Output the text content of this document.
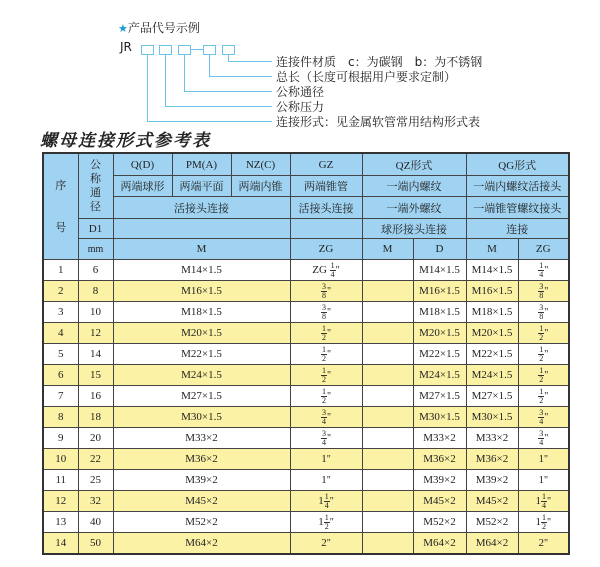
★产品代号示例
JR
连接件材质　c：为碳钢　b：为不锈钢
总长（长度可根据用户要求定制）
公称通径
公称压力
连接形式：见金属软管常用结构形式表
螺母连接形式参考表
序

号	公
称
通
径	Q(D)	PM(A)	NZ(C)	GZ	QZ形式		QG形式	
		两端球形	两端平面	两端内锥	两端锥管	一端内螺纹		一端内螺纹活接头	
		活接头连接			活接头连接	一端外螺纹		一端锥管螺纹接头	
	D1					球形接头连接		连接	
	mm	M			ZG	M	D	M	ZG
1	6	M14×1.5			ZG $\frac{1}{4}$ "		M14×1.5	M14×1.5	$\frac{1}{4}$ "
2	8	M16×1.5			$\frac{3}{8}$ "		M16×1.5	M16×1.5	$\frac{3}{8}$ "
3	10	M18×1.5			$\frac{3}{8}$ "		M18×1.5	M18×1.5	$\frac{3}{8}$ "
4	12	M20×1.5			$\frac{1}{2}$ "		M20×1.5	M20×1.5	$\frac{1}{2}$ "
5	14	M22×1.5			$\frac{1}{2}$ "		M22×1.5	M22×1.5	$\frac{1}{2}$ "
6	15	M24×1.5			$\frac{1}{2}$ "		M24×1.5	M24×1.5	$\frac{1}{2}$ "
7	16	M27×1.5			$\frac{1}{2}$ "		M27×1.5	M27×1.5	$\frac{1}{2}$ "
8	18	M30×1.5			$\frac{3}{4}$ "		M30×1.5	M30×1.5	$\frac{3}{4}$ "
9	20	M33×2			$\frac{3}{4}$ "		M33×2	M33×2	$\frac{3}{4}$ "
10	22	M36×2			1"		M36×2	M36×2	1"
11	25	M39×2			1"		M39×2	M39×2	1"
12	32	M45×2			$1 \frac{1}{4}$ "		M45×2	M45×2	$1 \frac{1}{4}$ "
13	40	M52×2			$1 \frac{1}{2}$ "		M52×2	M52×2	$1 \frac{1}{2}$ "
14	50	M64×2			2"		M64×2	M64×2	2"
